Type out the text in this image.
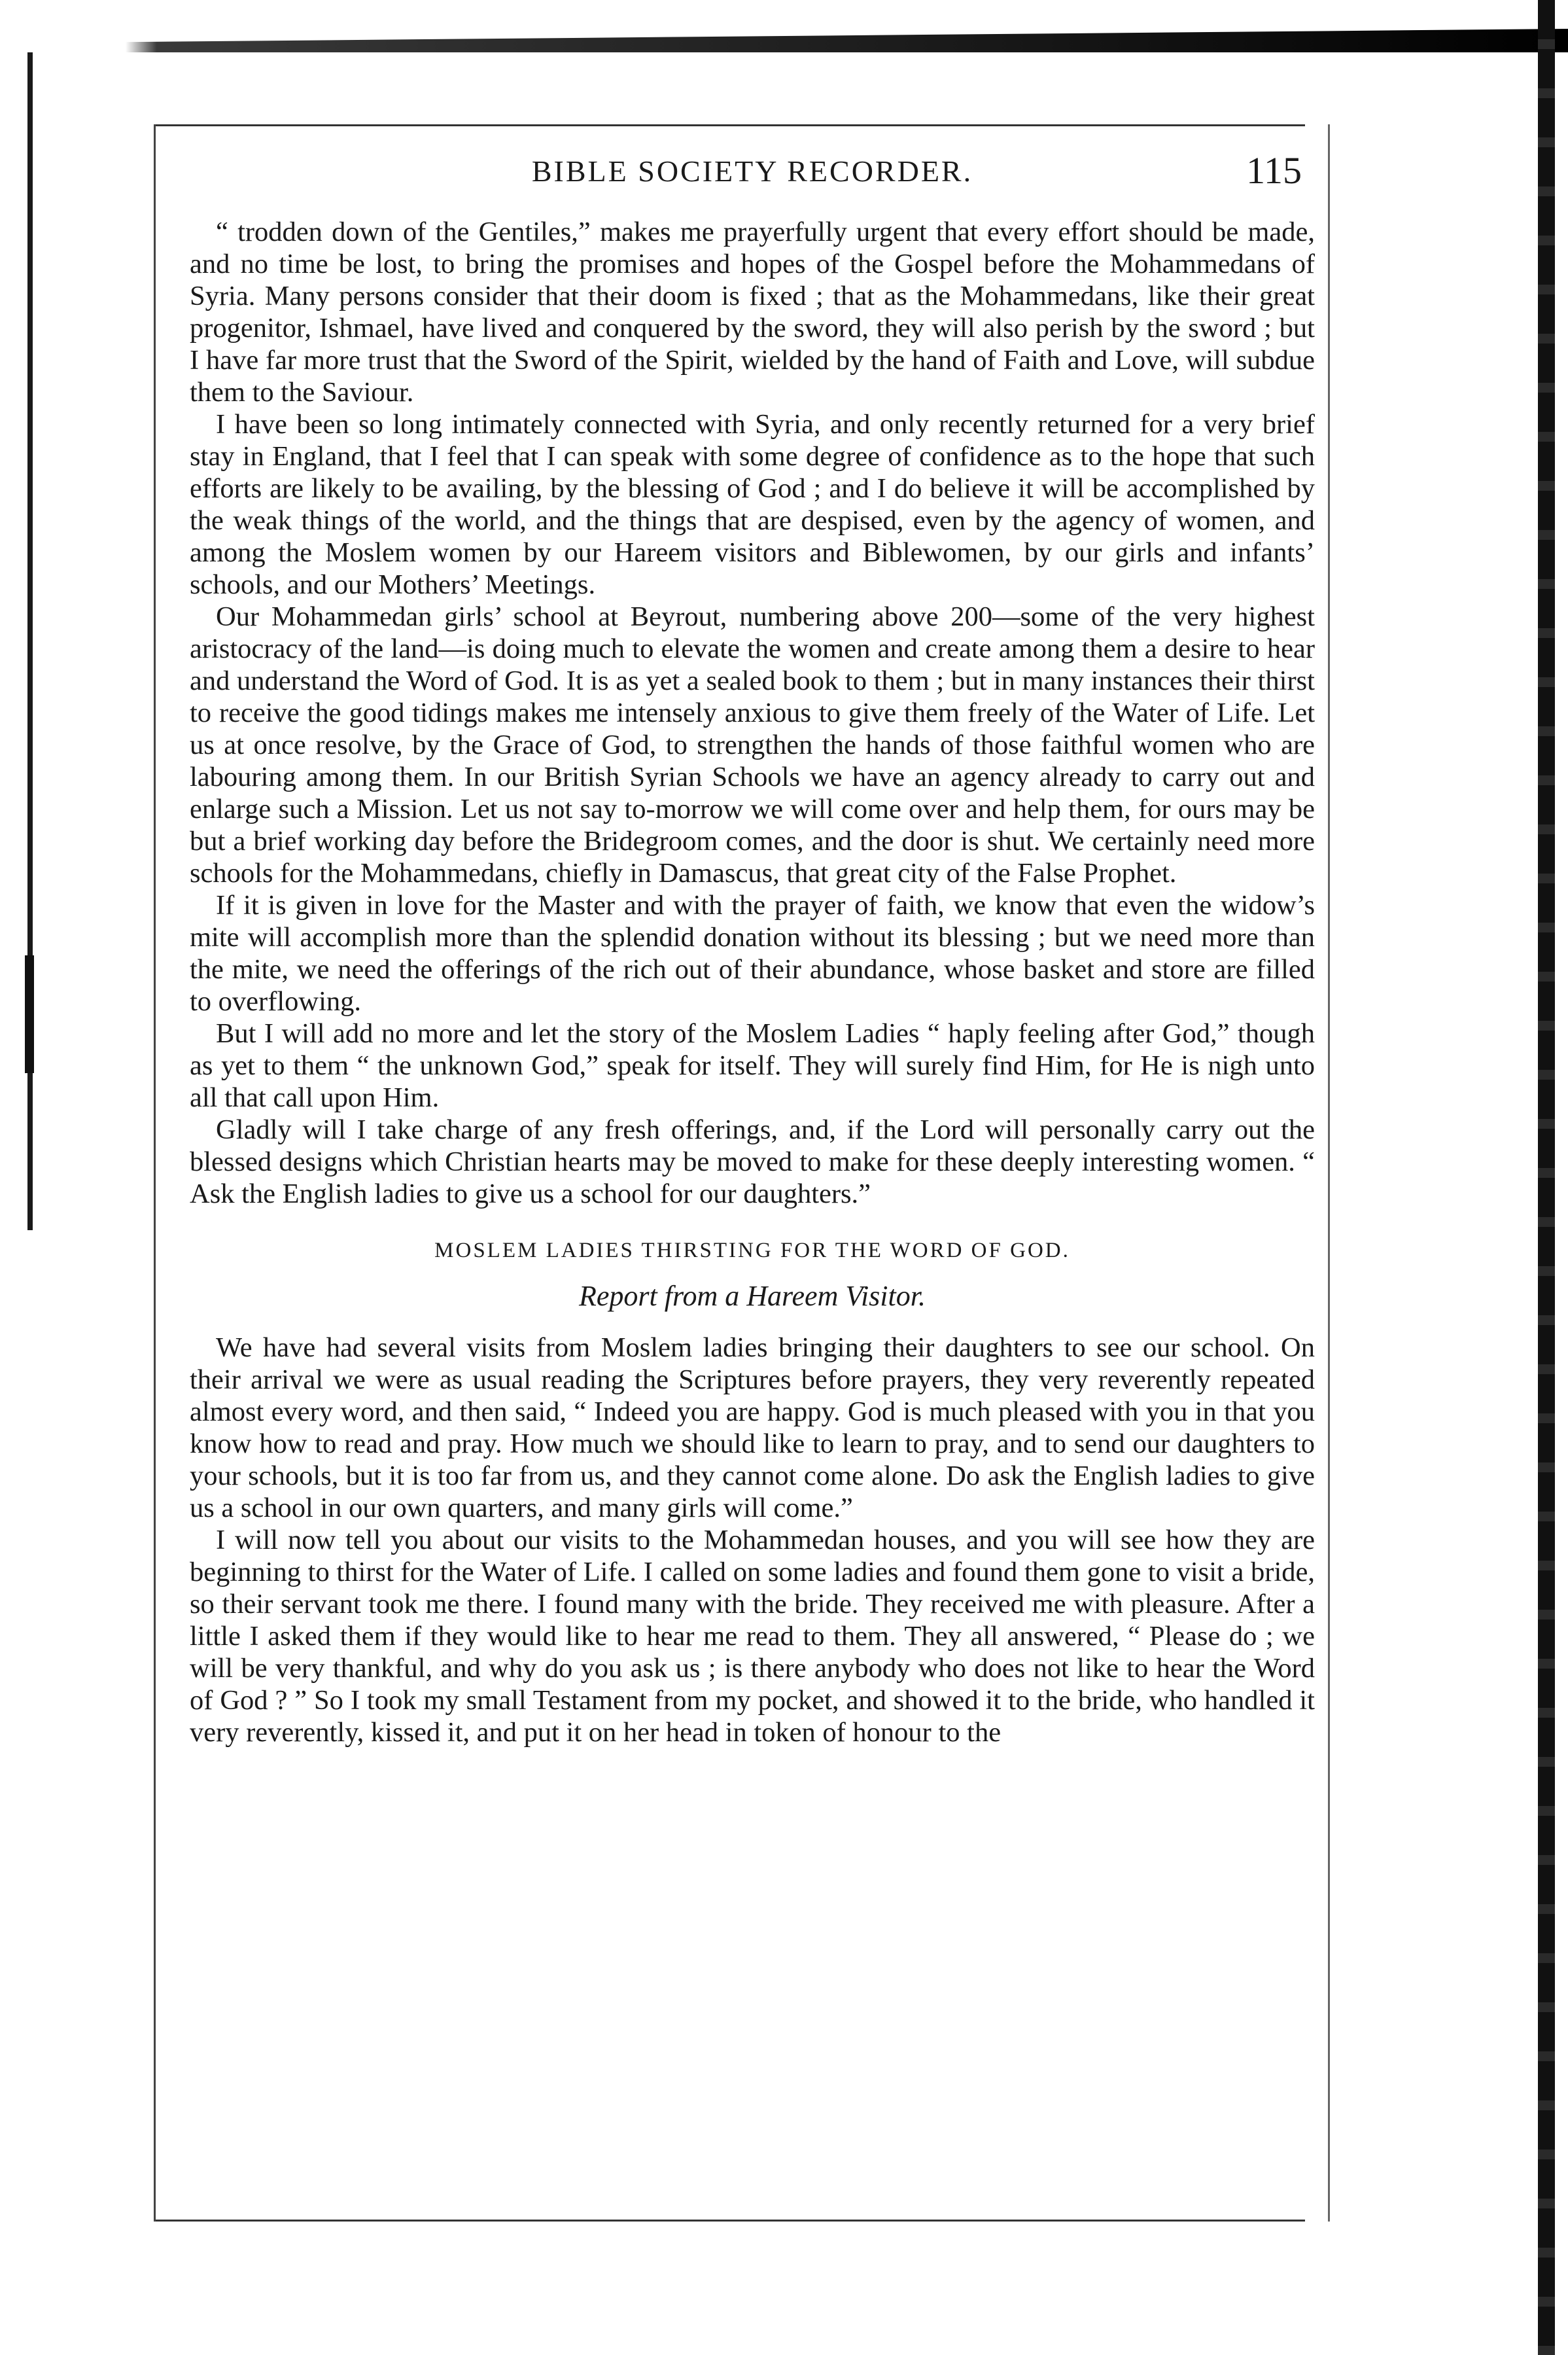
BIBLE SOCIETY RECORDER.	115

“ trodden down of the Gentiles,” makes me prayerfully urgent that every effort should be made, and no time be lost, to bring the promises and hopes of the Gospel before the Mohammedans of Syria. Many persons consider that their doom is fixed ; that as the Mohammedans, like their great progenitor, Ishmael, have lived and conquered by the sword, they will also perish by the sword ; but I have far more trust that the Sword of the Spirit, wielded by the hand of Faith and Love, will subdue them to the Saviour.

I have been so long intimately connected with Syria, and only recently returned for a very brief stay in England, that I feel that I can speak with some degree of confidence as to the hope that such efforts are likely to be availing, by the blessing of God ; and I do believe it will be accomplished by the weak things of the world, and the things that are despised, even by the agency of women, and among the Moslem women by our Hareem visitors and Biblewomen, by our girls and infants’ schools, and our Mothers’ Meetings.

Our Mohammedan girls’ school at Beyrout, numbering above 200—some of the very highest aristocracy of the land—is doing much to elevate the women and create among them a desire to hear and understand the Word of God. It is as yet a sealed book to them ; but in many instances their thirst to receive the good tidings makes me intensely anxious to give them freely of the Water of Life. Let us at once resolve, by the Grace of God, to strengthen the hands of those faithful women who are labouring among them. In our British Syrian Schools we have an agency already to carry out and enlarge such a Mission. Let us not say to-morrow we will come over and help them, for ours may be but a brief working day before the Bridegroom comes, and the door is shut. We certainly need more schools for the Mohammedans, chiefly in Damascus, that great city of the False Prophet.

If it is given in love for the Master and with the prayer of faith, we know that even the widow’s mite will accomplish more than the splendid donation without its blessing ; but we need more than the mite, we need the offerings of the rich out of their abundance, whose basket and store are filled to overflowing.

But I will add no more and let the story of the Moslem Ladies “ haply feeling after God,” though as yet to them “ the unknown God,” speak for itself. They will surely find Him, for He is nigh unto all that call upon Him.

Gladly will I take charge of any fresh offerings, and, if the Lord will personally carry out the blessed designs which Christian hearts may be moved to make for these deeply interesting women. “ Ask the English ladies to give us a school for our daughters.”

MOSLEM LADIES THIRSTING FOR THE WORD OF GOD.
Report from a Hareem Visitor.

We have had several visits from Moslem ladies bringing their daughters to see our school. On their arrival we were as usual reading the Scriptures before prayers, they very reverently repeated almost every word, and then said, “ Indeed you are happy. God is much pleased with you in that you know how to read and pray. How much we should like to learn to pray, and to send our daughters to your schools, but it is too far from us, and they cannot come alone. Do ask the English ladies to give us a school in our own quarters, and many girls will come.”

I will now tell you about our visits to the Mohammedan houses, and you will see how they are beginning to thirst for the Water of Life. I called on some ladies and found them gone to visit a bride, so their servant took me there. I found many with the bride. They received me with pleasure. After a little I asked them if they would like to hear me read to them. They all answered, “ Please do ; we will be very thankful, and why do you ask us ; is there anybody who does not like to hear the Word of God ? ” So I took my small Testament from my pocket, and showed it to the bride, who handled it very reverently, kissed it, and put it on her head in token of honour to the
